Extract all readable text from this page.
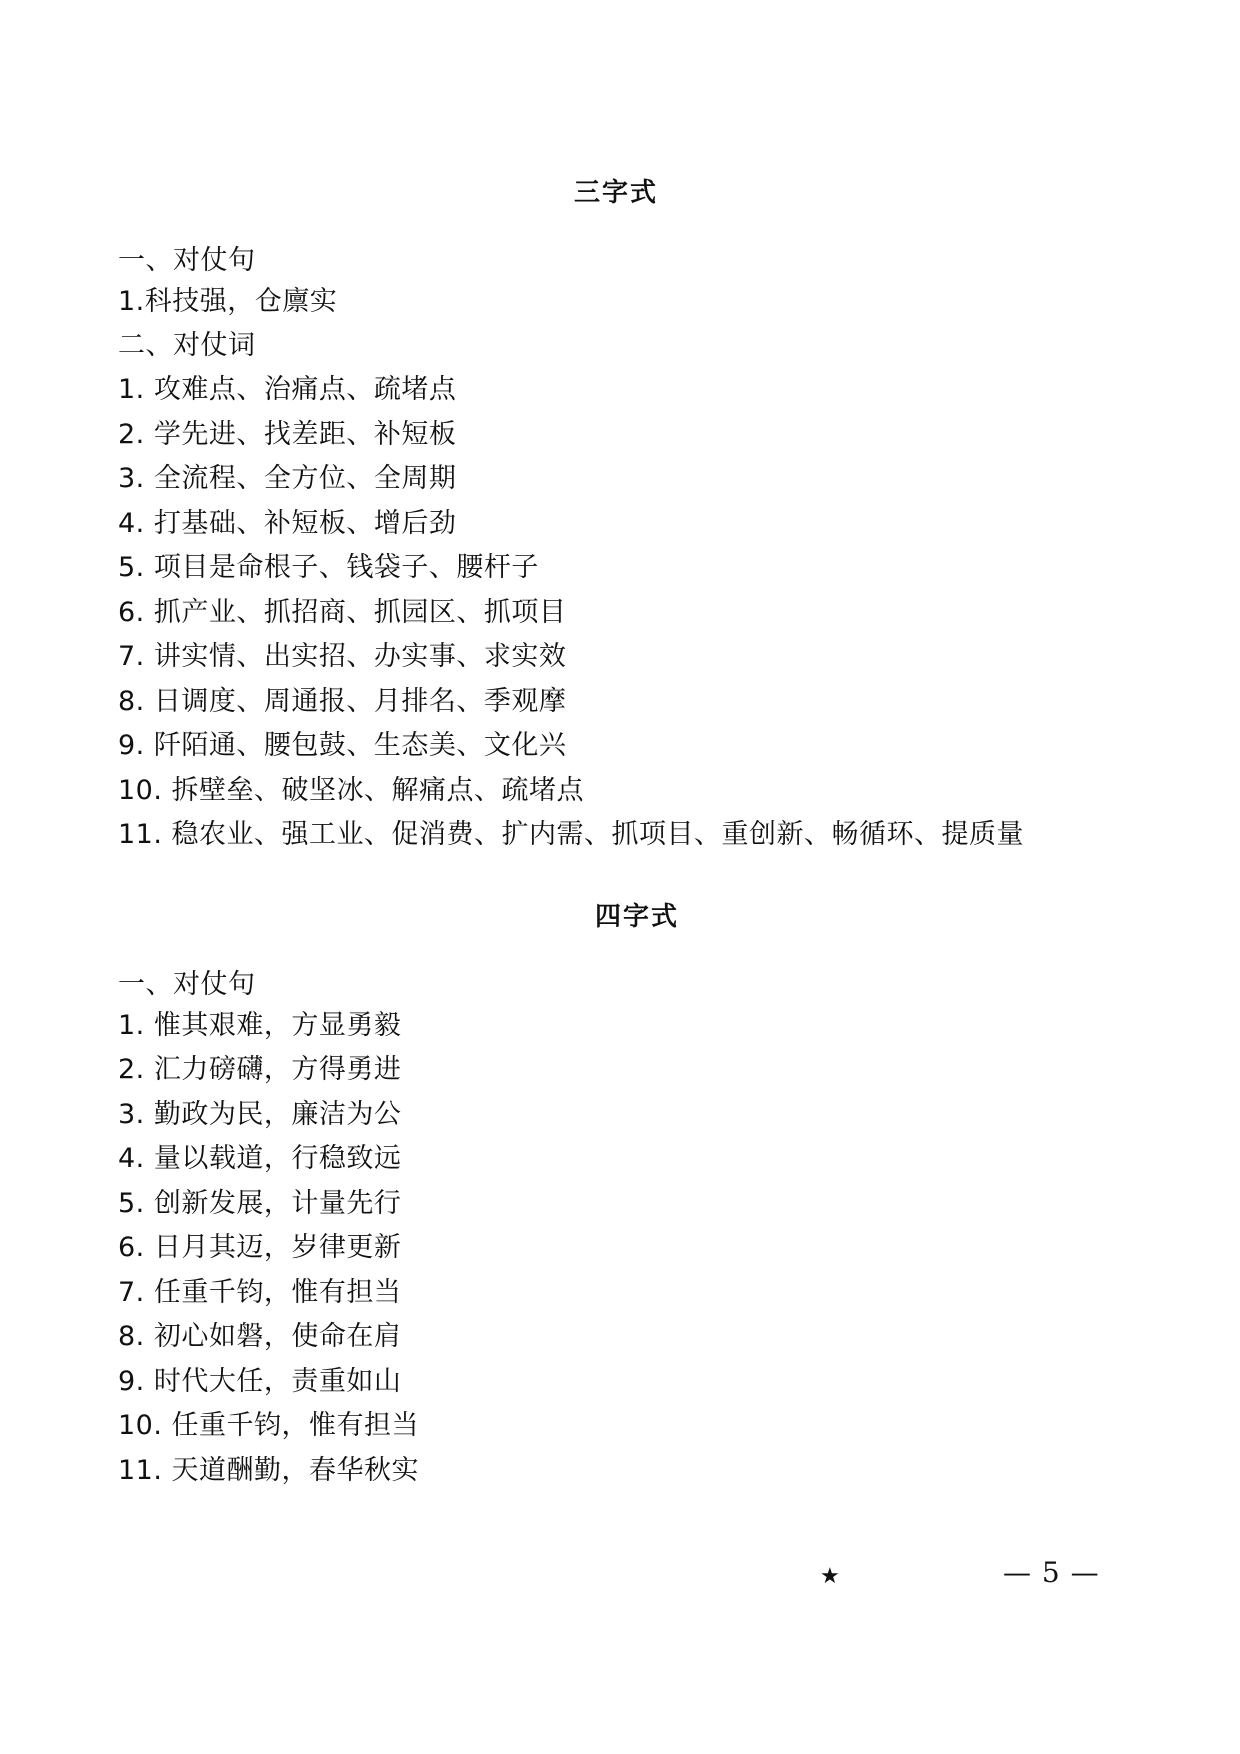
三字式
一、对仗句
1.科技强，仓廪实
二、对仗词
1. 攻难点、治痛点、疏堵点
2. 学先进、找差距、补短板
3. 全流程、全方位、全周期
4. 打基础、补短板、增后劲
5. 项目是命根子、钱袋子、腰杆子
6. 抓产业、抓招商、抓园区、抓项目
7. 讲实情、出实招、办实事、求实效
8. 日调度、周通报、月排名、季观摩
9. 阡陌通、腰包鼓、生态美、文化兴
10. 拆壁垒、破坚冰、解痛点、疏堵点
11. 稳农业、强工业、促消费、扩内需、抓项目、重创新、畅循环、提质量
四字式
一、对仗句
1. 惟其艰难，方显勇毅
2. 汇力磅礴，方得勇进
3. 勤政为民，廉洁为公
4. 量以载道，行稳致远
5. 创新发展，计量先行
6. 日月其迈，岁律更新
7. 任重千钧，惟有担当
8. 初心如磐，使命在肩
9. 时代大任，责重如山
10. 任重千钧，惟有担当
11. 天道酬勤，春华秋实
★	— 5 —
